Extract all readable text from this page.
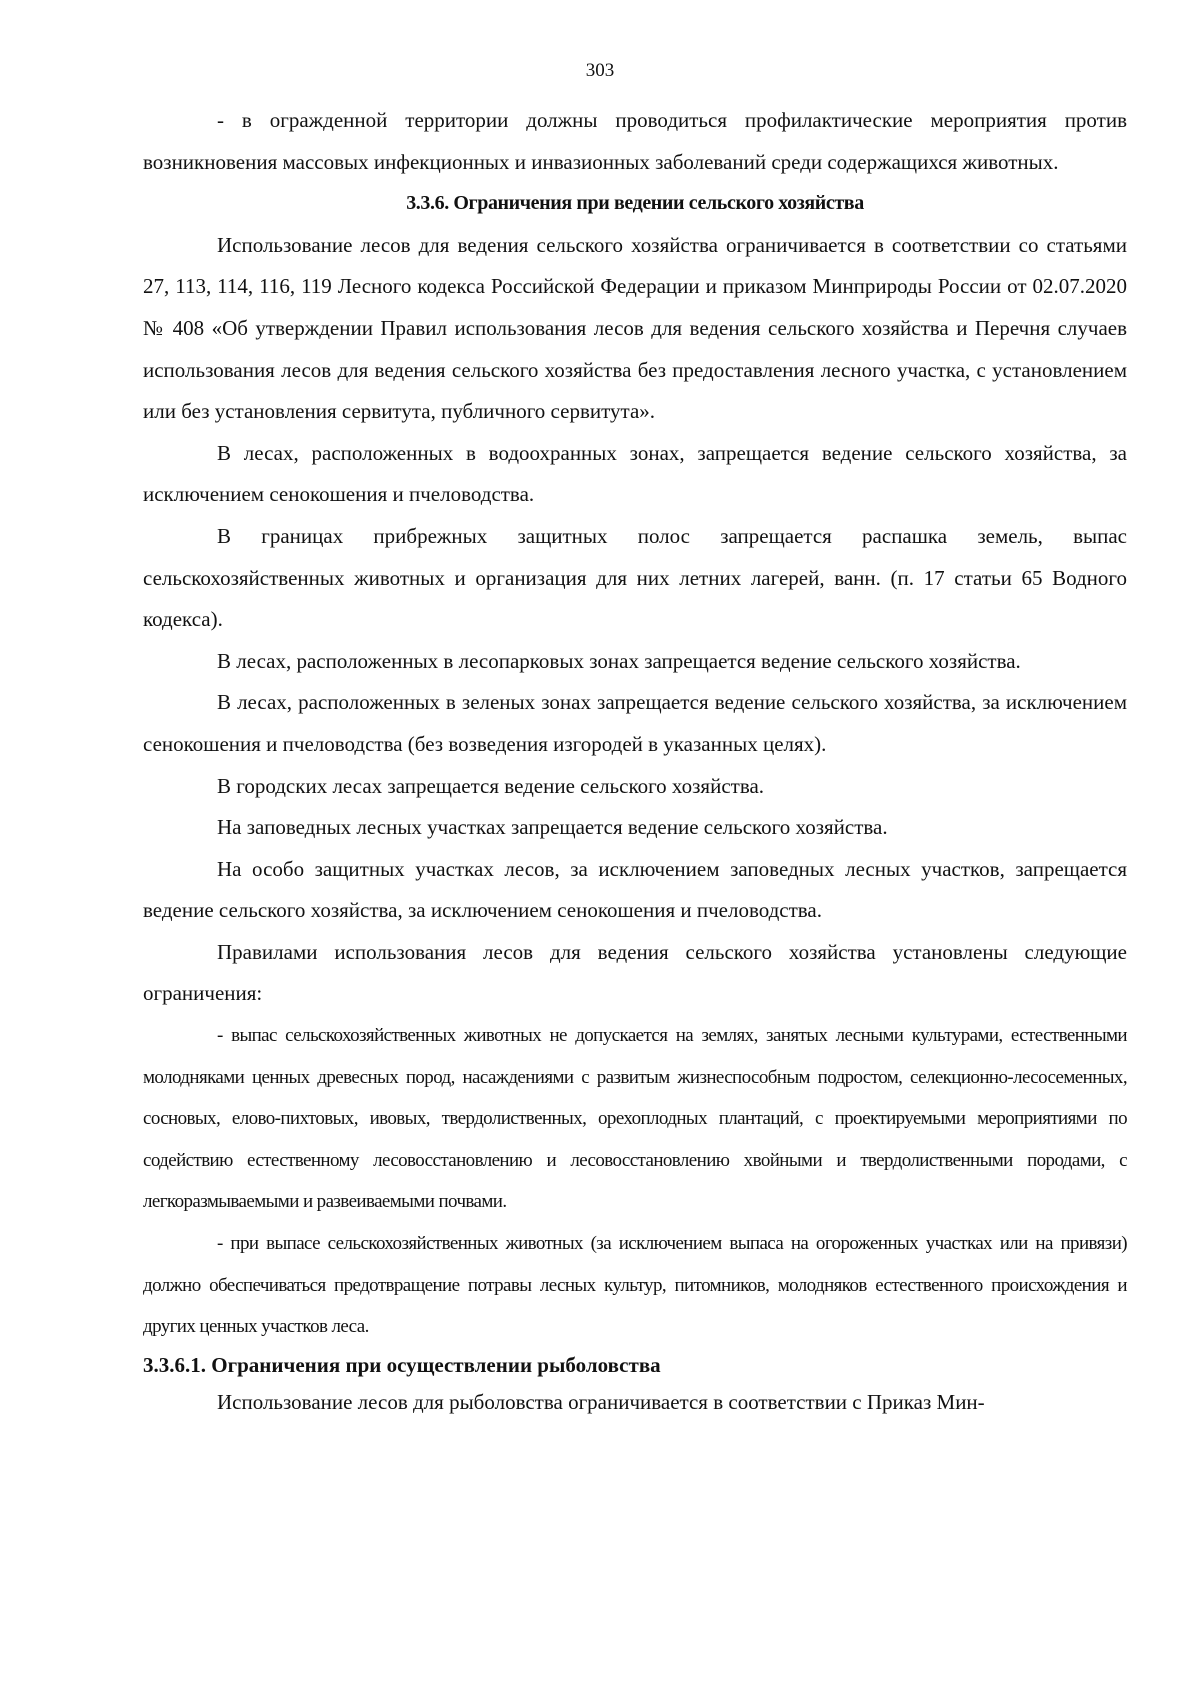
303

- в огражденной территории должны проводиться профилактические мероприятия против возникновения массовых инфекционных и инвазионных заболеваний среди содержащихся животных.

3.3.6. Ограничения при ведении сельского хозяйства

Использование лесов для ведения сельского хозяйства ограничивается в соответствии со статьями 27, 113, 114, 116, 119 Лесного кодекса Российской Федерации и приказом Минприроды России от 02.07.2020 № 408 «Об утверждении Правил использования лесов для ведения сельского хозяйства и Перечня случаев использования лесов для ведения сельского хозяйства без предоставления лесного участка, с установлением или без установления сервитута, публичного сервитута».

В лесах, расположенных в водоохранных зонах, запрещается ведение сельского хозяйства, за исключением сенокошения и пчеловодства.

В границах прибрежных защитных полос запрещается распашка земель, выпас сельскохозяйственных животных и организация для них летних лагерей, ванн. (п. 17 статьи 65 Водного кодекса).

В лесах, расположенных в лесопарковых зонах запрещается ведение сельского хозяйства.

В лесах, расположенных в зеленых зонах запрещается ведение сельского хозяйства, за исключением сенокошения и пчеловодства (без возведения изгородей в указанных целях).

В городских лесах запрещается ведение сельского хозяйства.

На заповедных лесных участках запрещается ведение сельского хозяйства.

На особо защитных участках лесов, за исключением заповедных лесных участков, запрещается ведение сельского хозяйства, за исключением сенокошения и пчеловодства.

Правилами использования лесов для ведения сельского хозяйства установлены следующие ограничения:

- выпас сельскохозяйственных животных не допускается на землях, занятых лесными культурами, естественными молодняками ценных древесных пород, насаждениями с развитым жизнеспособным подростом, селекционно-лесосеменных, сосновых, елово-пихтовых, ивовых, твердолиственных, орехоплодных плантаций, с проектируемыми мероприятиями по содействию естественному лесовосстановлению и лесовосстановлению хвойными и твердолиственными породами, с легкоразмываемыми и развеиваемыми почвами.

- при выпасе сельскохозяйственных животных (за исключением выпаса на огороженных участках или на привязи) должно обеспечиваться предотвращение потравы лесных культур, питомников, молодняков естественного происхождения и других ценных участков леса.

3.3.6.1. Ограничения при осуществлении рыболовства

Использование лесов для рыболовства ограничивается в соответствии с Приказ Мин-
